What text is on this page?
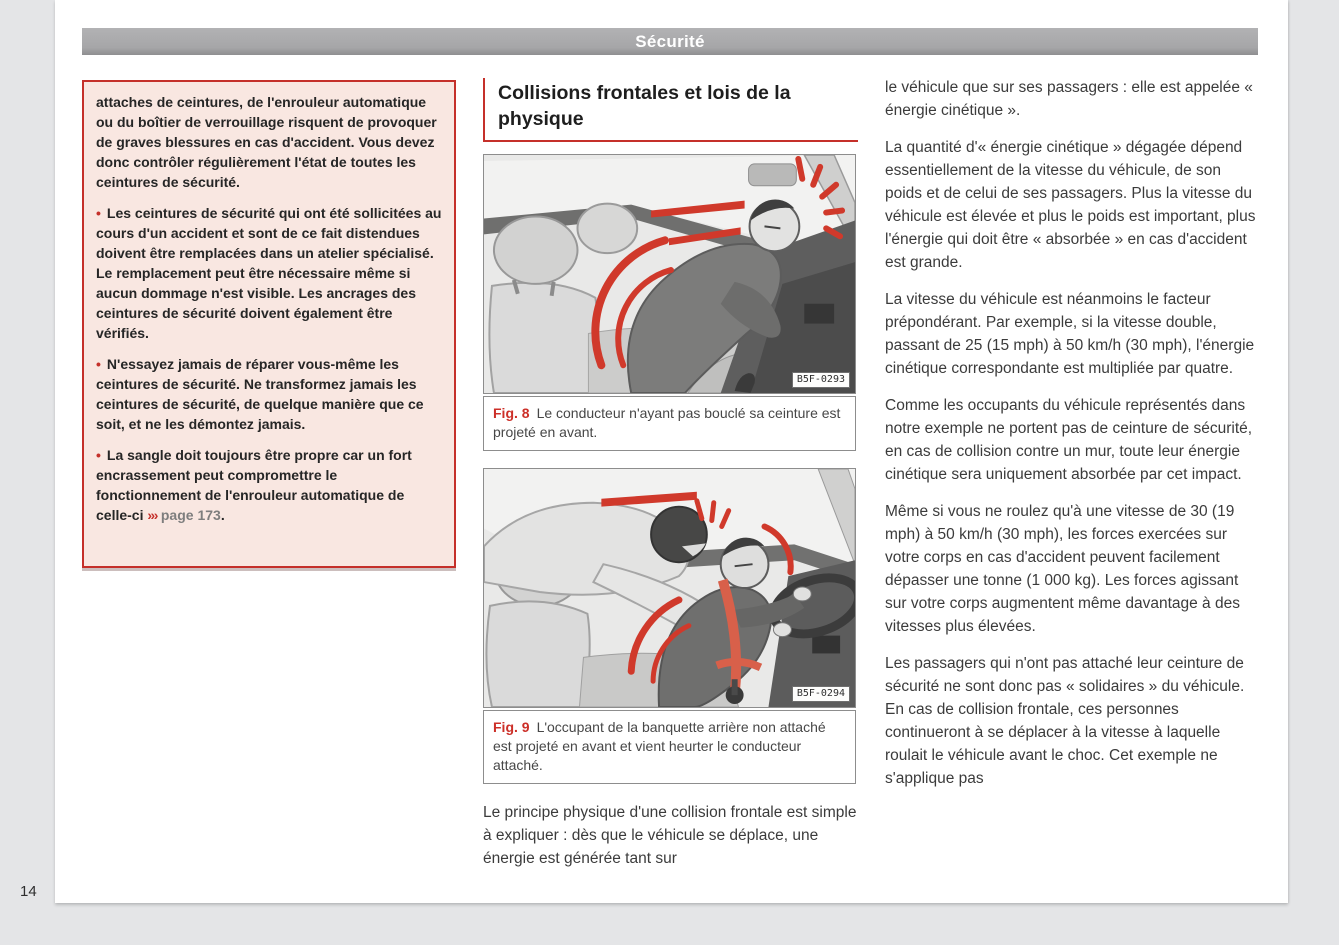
Sécurité

attaches de ceintures, de l'enrouleur automatique ou du boîtier de verrouillage risquent de provoquer de graves blessures en cas d'accident. Vous devez donc contrôler régulièrement l'état de toutes les ceintures de sécurité.

• Les ceintures de sécurité qui ont été sollicitées au cours d'un accident et sont de ce fait distendues doivent être remplacées dans un atelier spécialisé. Le remplacement peut être nécessaire même si aucun dommage n'est visible. Les ancrages des ceintures de sécurité doivent également être vérifiés.

• N'essayez jamais de réparer vous-même les ceintures de sécurité. Ne transformez jamais les ceintures de sécurité, de quelque manière que ce soit, et ne les démontez jamais.

• La sangle doit toujours être propre car un fort encrassement peut compromettre le fonctionnement de l'enrouleur automatique de celle-ci ››› page 173.

Collisions frontales et lois de la physique
B5F-0293

Fig. 8 Le conducteur n'ayant pas bouclé sa ceinture est projeté en avant.

B5F-0294

Fig. 9 L'occupant de la banquette arrière non attaché est projeté en avant et vient heurter le conducteur attaché.

Le principe physique d'une collision frontale est simple à expliquer : dès que le véhicule se déplace, une énergie est générée tant sur

le véhicule que sur ses passagers : elle est appelée « énergie cinétique ».

La quantité d'« énergie cinétique » dégagée dépend essentiellement de la vitesse du véhicule, de son poids et de celui de ses passagers. Plus la vitesse du véhicule est élevée et plus le poids est important, plus l'énergie qui doit être « absorbée » en cas d'accident est grande.

La vitesse du véhicule est néanmoins le facteur prépondérant. Par exemple, si la vitesse double, passant de 25 (15 mph) à 50 km/h (30 mph), l'énergie cinétique correspondante est multipliée par quatre.

Comme les occupants du véhicule représentés dans notre exemple ne portent pas de ceinture de sécurité, en cas de collision contre un mur, toute leur énergie cinétique sera uniquement absorbée par cet impact.

Même si vous ne roulez qu'à une vitesse de 30 (19 mph) à 50 km/h (30 mph), les forces exercées sur votre corps en cas d'accident peuvent facilement dépasser une tonne (1 000 kg). Les forces agissant sur votre corps augmentent même davantage à des vitesses plus élevées.

Les passagers qui n'ont pas attaché leur ceinture de sécurité ne sont donc pas « solidaires » du véhicule. En cas de collision frontale, ces personnes continueront à se déplacer à la vitesse à laquelle roulait le véhicule avant le choc. Cet exemple ne s'applique pas

14
